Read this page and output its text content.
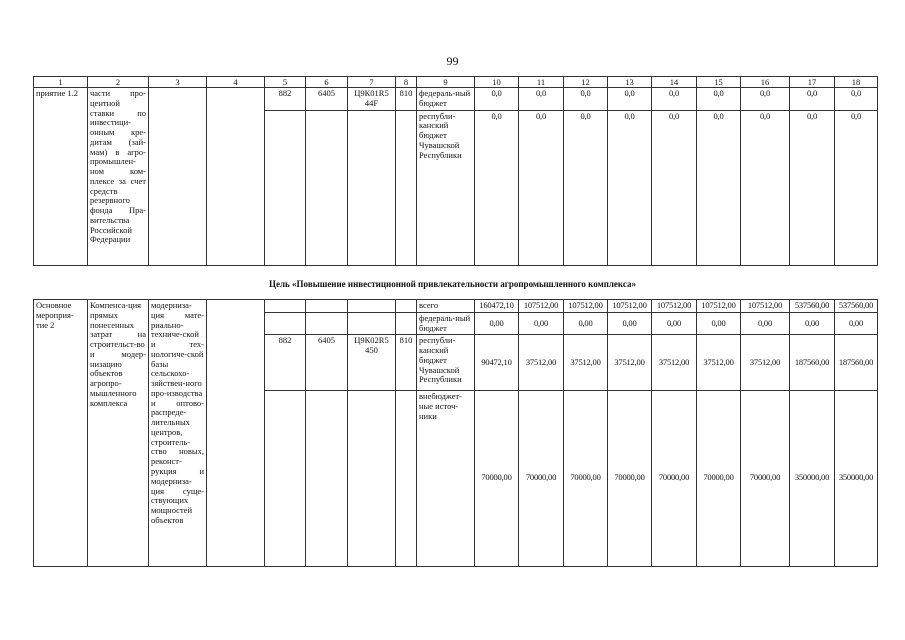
99
1	2	3	4	5	6	7	8	9	10	11	12	13	14	15	16	17	18
приятие 1.2	части про-центной ставки по инвестици-онным кре-дитам (зай-мам) в агро-промышлен-ном ком-плексе за счет средств резервного фонда Пра-вительства Российской Федерации			882	6405	Ц9К01R5 44F	810	федераль-ный бюджет	0,0	0,0	0,0	0,0	0,0	0,0	0,0	0,0	0,0
								республи-канский бюджет Чувашской Республики	0,0	0,0	0,0	0,0	0,0	0,0	0,0	0,0	0,0
Цель «Повышение инвестиционной привлекательности агропромышленного комплекса»
Основное мероприя-тие 2	Компенса-ция прямых понесенных затрат на строительст-во и модер-низацию объектов агропро-мышленного комплекса	модерниза-ция мате-риально-техниче-ской и тех-нологиче-ской базы сельскохо-зяйствен-ного про-изводства и оптово-распреде-лительных центров, строитель-ство новых, реконст-рукция и модерниза-ция суще-ствующих мощностей объектов						всего	160472,10	107512,00	107512,00	107512,00	107512,00	107512,00	107512,00	537560,00	537560,00
								федераль-ный бюджет	0,00	0,00	0,00	0,00	0,00	0,00	0,00	0,00	0,00
				882	6405	Ц9К02R5 450	810	республи-канский бюджет Чувашской Республики	90472,10	37512,00	37512,00	37512,00	37512,00	37512,00	37512,00	187560,00	187560,00
								внебюджет-ные источ-ники	70000,00	70000,00	70000,00	70000,00	70000,00	70000,00	70000,00	350000,00	350000,00
